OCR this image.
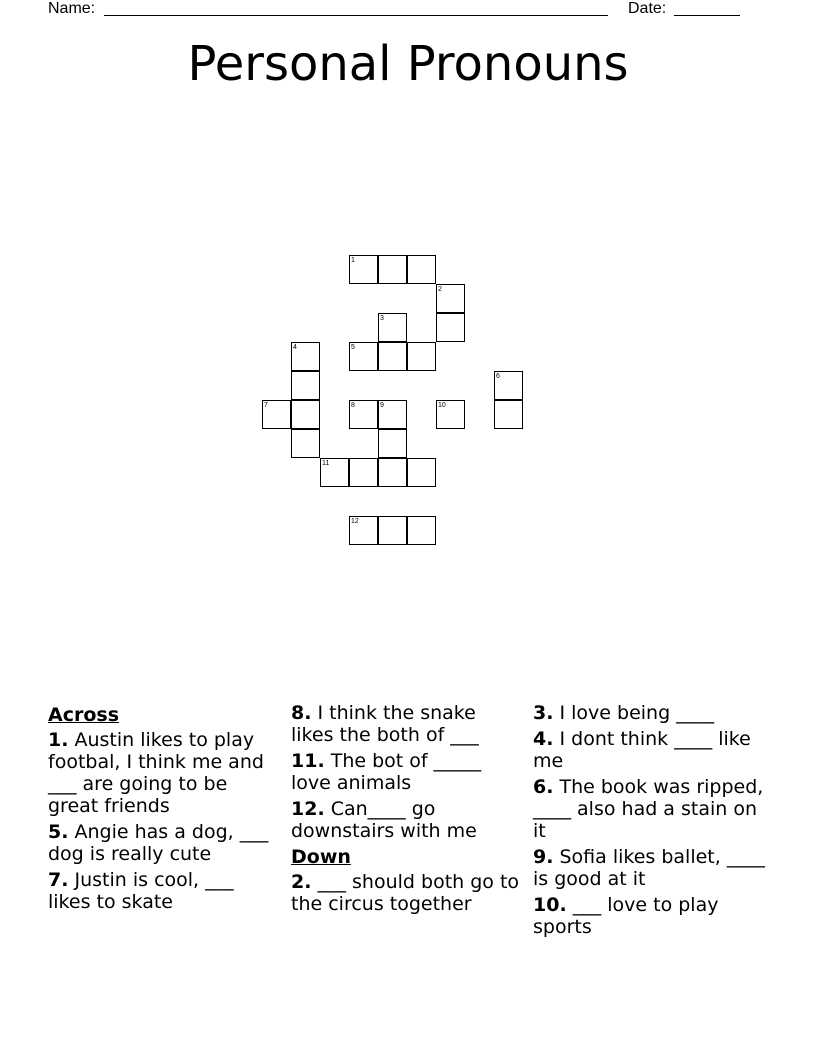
Name:	Date:
Personal Pronouns
1
2
3
4	5
6
7	8	9	10
11
12
Across
1. Austin likes to play footbal, I think me and ___ are going to be great friends
5. Angie has a dog, ___ dog is really cute
7. Justin is cool, ___ likes to skate
8. I think the snake likes the both of ___
11. The bot of _____ love animals
12. Can____ go downstairs with me
Down
2. ___ should both go to the circus together
3. I love being ____
4. I dont think ____ like me
6. The book was ripped, ____ also had a stain on it
9. Sofia likes ballet, ____ is good at it
10. ___ love to play sports
